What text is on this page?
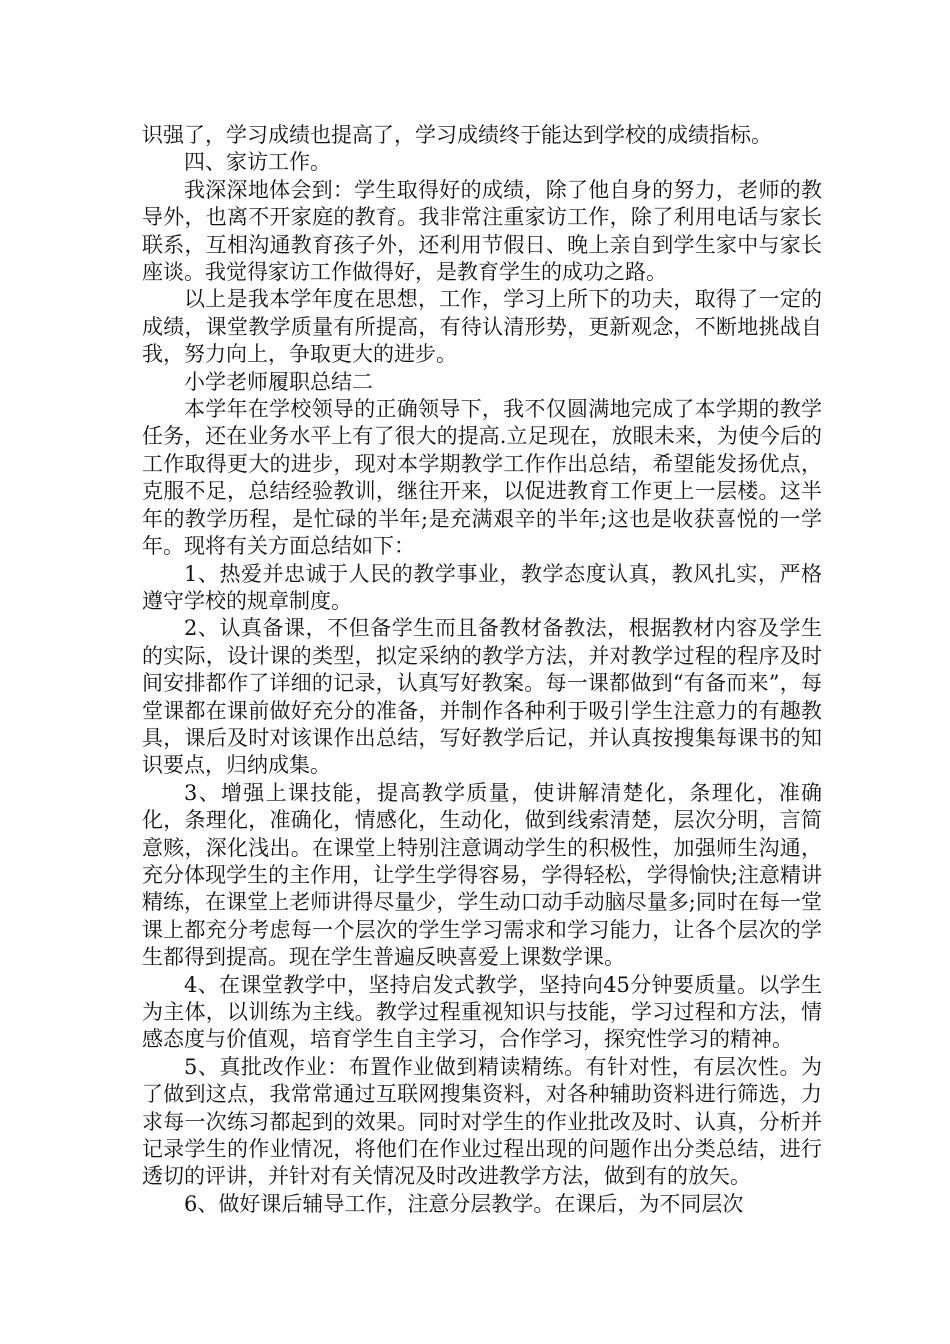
识强了，学习成绩也提高了，学习成绩终于能达到学校的成绩指标。

四、家访工作。

我深深地体会到：学生取得好的成绩，除了他自身的努力，老师的教导外，也离不开家庭的教育。我非常注重家访工作，除了利用电话与家长联系，互相沟通教育孩子外，还利用节假日、晚上亲自到学生家中与家长座谈。我觉得家访工作做得好，是教育学生的成功之路。

以上是我本学年度在思想，工作，学习上所下的功夫，取得了一定的成绩，课堂教学质量有所提高，有待认清形势，更新观念，不断地挑战自我，努力向上，争取更大的进步。

小学老师履职总结二

本学年在学校领导的正确领导下，我不仅圆满地完成了本学期的教学任务，还在业务水平上有了很大的提高.立足现在，放眼未来，为使今后的工作取得更大的进步，现对本学期教学工作作出总结，希望能发扬优点，克服不足，总结经验教训，继往开来，以促进教育工作更上一层楼。这半年的教学历程，是忙碌的半年;是充满艰辛的半年;这也是收获喜悦的一学年。现将有关方面总结如下：

1、热爱并忠诚于人民的教学事业，教学态度认真，教风扎实，严格遵守学校的规章制度。

2、认真备课，不但备学生而且备教材备教法，根据教材内容及学生的实际，设计课的类型，拟定采纳的教学方法，并对教学过程的程序及时间安排都作了详细的记录，认真写好教案。每一课都做到“有备而来”，每堂课都在课前做好充分的准备，并制作各种利于吸引学生注意力的有趣教具，课后及时对该课作出总结，写好教学后记，并认真按搜集每课书的知识要点，归纳成集。

3、增强上课技能，提高教学质量，使讲解清楚化，条理化，准确化，条理化，准确化，情感化，生动化，做到线索清楚，层次分明，言简意赅，深化浅出。在课堂上特别注意调动学生的积极性，加强师生沟通，充分体现学生的主作用，让学生学得容易，学得轻松，学得愉快;注意精讲精练，在课堂上老师讲得尽量少，学生动口动手动脑尽量多;同时在每一堂课上都充分考虑每一个层次的学生学习需求和学习能力，让各个层次的学生都得到提高。现在学生普遍反映喜爱上课数学课。

4、在课堂教学中，坚持启发式教学，坚持向45分钟要质量。以学生为主体，以训练为主线。教学过程重视知识与技能，学习过程和方法，情感态度与价值观，培育学生自主学习，合作学习，探究性学习的精神。

5、真批改作业：布置作业做到精读精练。有针对性，有层次性。为了做到这点，我常常通过互联网搜集资料，对各种辅助资料进行筛选，力求每一次练习都起到的效果。同时对学生的作业批改及时、认真，分析并记录学生的作业情况，将他们在作业过程出现的问题作出分类总结，进行透切的评讲，并针对有关情况及时改进教学方法，做到有的放矢。

6、做好课后辅导工作，注意分层教学。在课后，为不同层次
